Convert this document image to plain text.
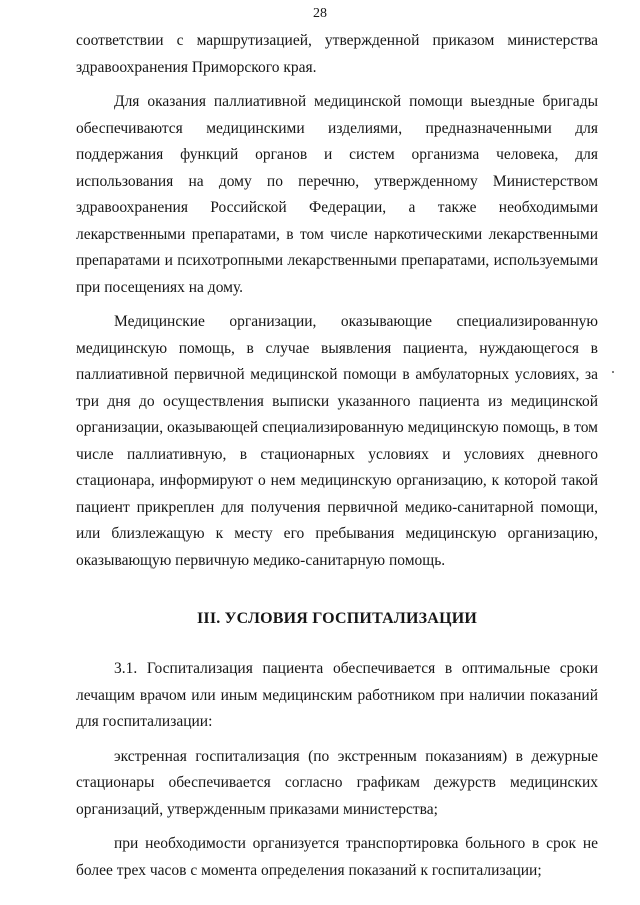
28

соответствии с маршрутизацией, утвержденной приказом министерства здравоохранения Приморского края.

Для оказания паллиативной медицинской помощи выездные бригады обеспечиваются медицинскими изделиями, предназначенными для поддержания функций органов и систем организма человека, для использования на дому по перечню, утвержденному Министерством здравоохранения Российской Федерации, а также необходимыми лекарственными препаратами, в том числе наркотическими лекарственными препаратами и психотропными лекарственными препаратами, используемыми при посещениях на дому.

Медицинские организации, оказывающие специализированную медицинскую помощь, в случае выявления пациента, нуждающегося в паллиативной первичной медицинской помощи в амбулаторных условиях, за три дня до осуществления выписки указанного пациента из медицинской организации, оказывающей специализированную медицинскую помощь, в том числе паллиативную, в стационарных условиях и условиях дневного стационара, информируют о нем медицинскую организацию, к которой такой пациент прикреплен для получения первичной медико-санитарной помощи, или близлежащую к месту его пребывания медицинскую организацию, оказывающую первичную медико-санитарную помощь.

III. УСЛОВИЯ ГОСПИТАЛИЗАЦИИ

3.1. Госпитализация пациента обеспечивается в оптимальные сроки лечащим врачом или иным медицинским работником при наличии показаний для госпитализации:

экстренная госпитализация (по экстренным показаниям) в дежурные стационары обеспечивается согласно графикам дежурств медицинских организаций, утвержденным приказами министерства;

при необходимости организуется транспортировка больного в срок не более трех часов с момента определения показаний к госпитализации;
